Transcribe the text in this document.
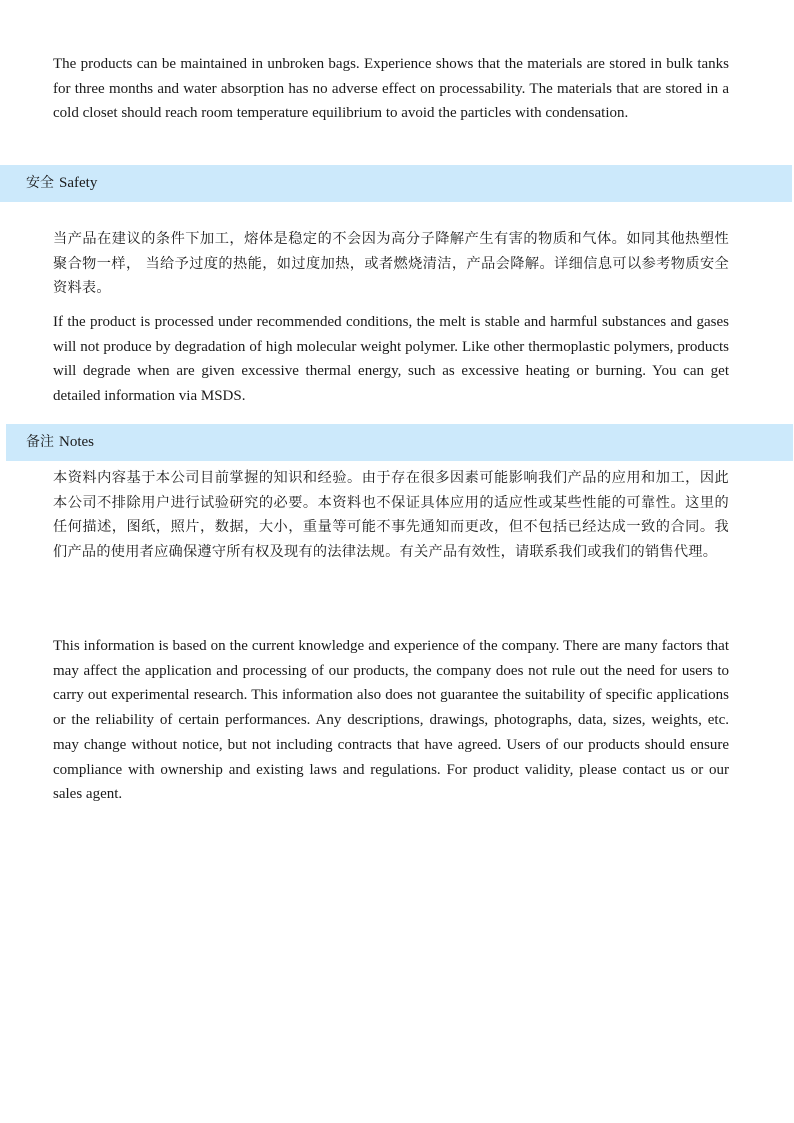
The products can be maintained in unbroken bags. Experience shows that the materials are stored in bulk tanks for three months and water absorption has no adverse effect on processability. The materials that are stored in a cold closet should reach room temperature equilibrium to avoid the particles with condensation.

安全 Safety

当产品在建议的条件下加工，熔体是稳定的不会因为高分子降解产生有害的物质和气体。如同其他热塑性聚合物一样， 当给予过度的热能，如过度加热，或者燃烧清洁，产品会降解。详细信息可以参考物质安全资料表。

If the product is processed under recommended conditions, the melt is stable and harmful substances and gases will not produce by degradation of high molecular weight polymer. Like other thermoplastic polymers, products will degrade when are given excessive thermal energy, such as excessive heating or burning. You can get detailed information via MSDS.

备注 Notes

本资料内容基于本公司目前掌握的知识和经验。由于存在很多因素可能影响我们产品的应用和加工，因此本公司不排除用户进行试验研究的必要。本资料也不保证具体应用的适应性或某些性能的可靠性。这里的任何描述，图纸，照片，数据，大小，重量等可能不事先通知而更改，但不包括已经达成一致的合同。我们产品的使用者应确保遵守所有权及现有的法律法规。有关产品有效性，请联系我们或我们的销售代理。

This information is based on the current knowledge and experience of the company. There are many factors that may affect the application and processing of our products, the company does not rule out the need for users to carry out experimental research. This information also does not guarantee the suitability of specific applications or the reliability of certain performances. Any descriptions, drawings, photographs, data, sizes, weights, etc. may change without notice, but not including contracts that have agreed. Users of our products should ensure compliance with ownership and existing laws and regulations. For product validity, please contact us or our sales agent.
